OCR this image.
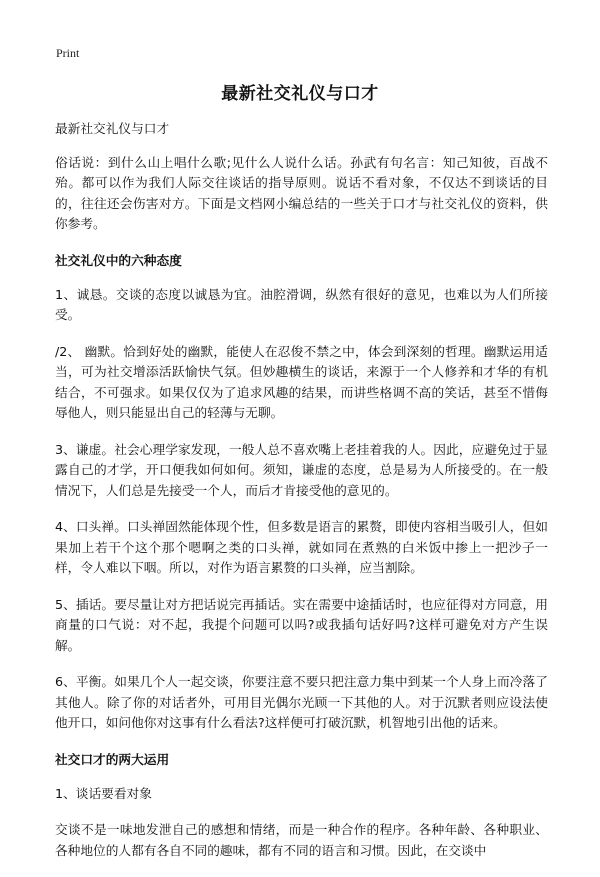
Print
最新社交礼仪与口才

最新社交礼仪与口才

俗话说：到什么山上唱什么歌;见什么人说什么话。孙武有句名言：知己知彼，百战不殆。都可以作为我们人际交往谈话的指导原则。说话不看对象，不仅达不到谈话的目的，往往还会伤害对方。下面是文档网小编总结的一些关于口才与社交礼仪的资料，供你参考。

社交礼仪中的六种态度

1、诚恳。交谈的态度以诚恳为宜。油腔滑调，纵然有很好的意见，也难以为人们所接受。

/2、 幽默。恰到好处的幽默，能使人在忍俊不禁之中，体会到深刻的哲理。幽默运用适当，可为社交增添活跃愉快气氛。但妙趣横生的谈话，来源于一个人修养和才华的有机结合，不可强求。如果仅仅为了追求风趣的结果，而讲些格调不高的笑话，甚至不惜侮辱他人，则只能显出自己的轻薄与无聊。

3、谦虚。社会心理学家发现，一般人总不喜欢嘴上老挂着我的人。因此，应避免过于显露自己的才学，开口便我如何如何。须知，谦虚的态度，总是易为人所接受的。在一般情况下，人们总是先接受一个人，而后才肯接受他的意见的。

4、口头禅。口头禅固然能体现个性，但多数是语言的累赘，即使内容相当吸引人，但如果加上若干个这个那个嗯啊之类的口头禅，就如同在煮熟的白米饭中掺上一把沙子一样，令人难以下咽。所以，对作为语言累赘的口头禅，应当割除。

5、插话。要尽量让对方把话说完再插话。实在需要中途插话时，也应征得对方同意，用商量的口气说：对不起，我提个问题可以吗?或我插句话好吗?这样可避免对方产生误解。

6、平衡。如果几个人一起交谈，你要注意不要只把注意力集中到某一个人身上而冷落了其他人。除了你的对话者外，可用目光偶尔光顾一下其他的人。对于沉默者则应设法使他开口，如问他你对这事有什么看法?这样便可打破沉默，机智地引出他的话来。

社交口才的两大运用

1、谈话要看对象

交谈不是一味地发泄自己的感想和情绪，而是一种合作的程序。各种年龄、各种职业、各种地位的人都有各自不同的趣味，都有不同的语言和习惯。因此，在交谈中
